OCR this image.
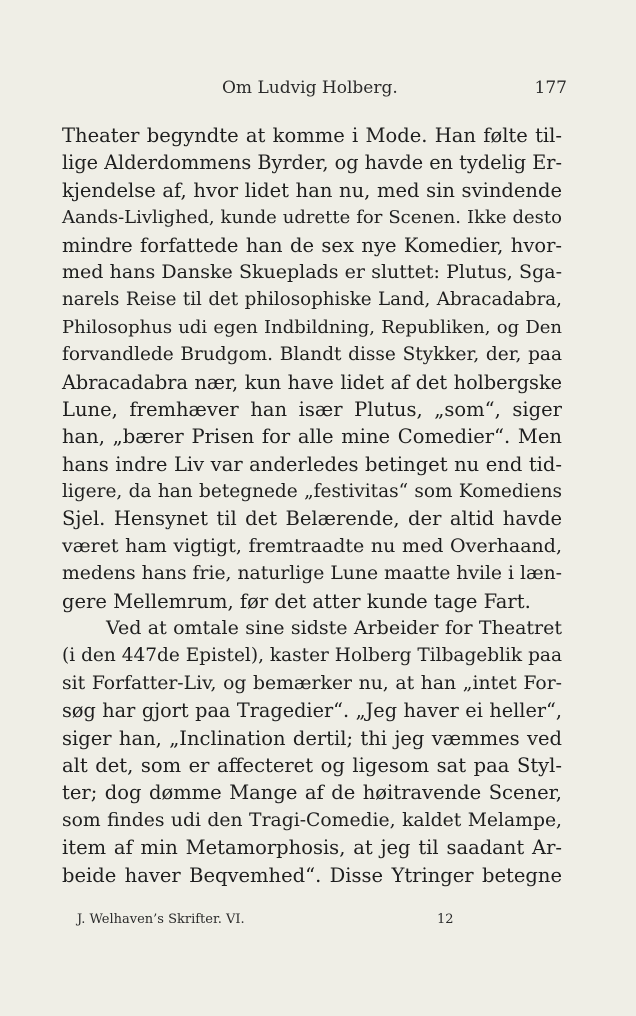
Om Ludvig Holberg.	177
Theater begyndte at komme i Mode. Han følte til-
lige Alderdommens Byrder, og havde en tydelig Er-
kjendelse af, hvor lidet han nu, med sin svindende
Aands-Livlighed, kunde udrette for Scenen. Ikke desto
mindre forfattede han de sex nye Komedier, hvor-
med hans Danske Skueplads er sluttet: Plutus, Sga-
narels Reise til det philosophiske Land, Abracadabra,
Philosophus udi egen Indbildning, Republiken, og Den
forvandlede Brudgom. Blandt disse Stykker, der, paa
Abracadabra nær, kun have lidet af det holbergske
Lune, fremhæver han især Plutus, „som“, siger
han, „bærer Prisen for alle mine Comedier“. Men
hans indre Liv var anderledes betinget nu end tid-
ligere, da han betegnede „festivitas“ som Komediens
Sjel. Hensynet til det Belærende, der altid havde
været ham vigtigt, fremtraadte nu med Overhaand,
medens hans frie, naturlige Lune maatte hvile i læn-
gere Mellemrum, før det atter kunde tage Fart.
Ved at omtale sine sidste Arbeider for Theatret
(i den 447de Epistel), kaster Holberg Tilbageblik paa
sit Forfatter-Liv, og bemærker nu, at han „intet For-
søg har gjort paa Tragedier“. „Jeg haver ei heller“,
siger han, „Inclination dertil; thi jeg væmmes ved
alt det, som er affecteret og ligesom sat paa Styl-
ter; dog dømme Mange af de høitravende Scener,
som findes udi den Tragi-Comedie, kaldet Melampe,
item af min Metamorphosis, at jeg til saadant Ar-
beide haver Beqvemhed“. Disse Ytringer betegne
J. Welhaven’s Skrifter. VI.	12
